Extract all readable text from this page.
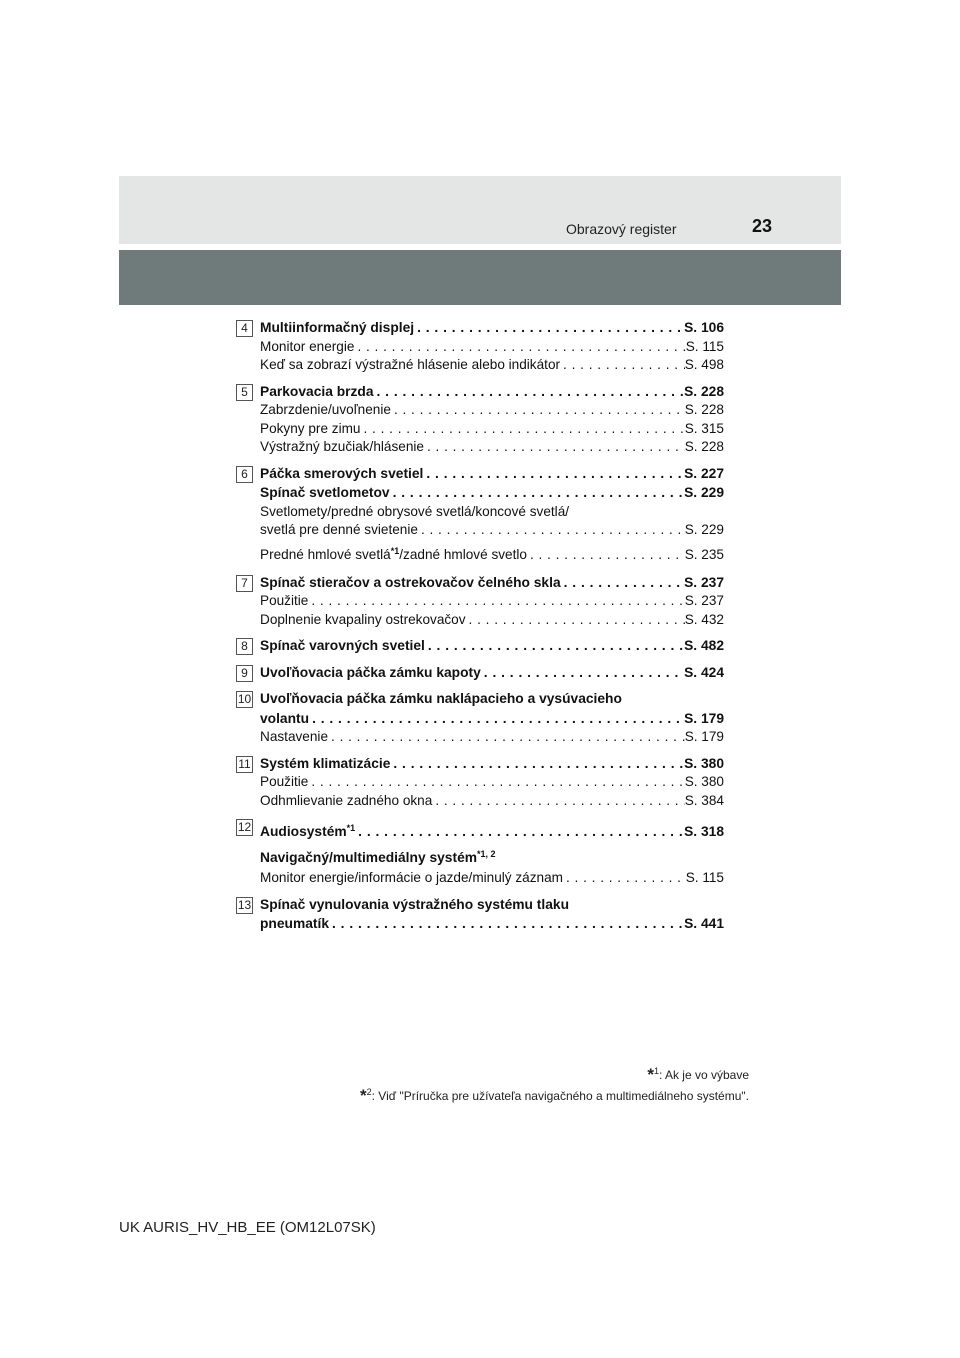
Obrazový register	23
4 Multiinformačný displej . . .	S. 106
Monitor energie . . .	S. 115
Keď sa zobrazí výstražné hlásenie alebo indikátor . . .	S. 498
5 Parkovacia brzda . . .	S. 228
Zabrzdenie/uvoľnenie . . .	S. 228
Pokyny pre zimu . . .	S. 315
Výstražný bzučiak/hlásenie . . .	S. 228
6 Páčka smerových svetiel . . .	S. 227
Spínač svetlometov . . .	S. 229
Svetlomety/predné obrysové svetlá/koncové svetlá/
svetlá pre denné svietenie . . .	S. 229
Predné hmlové svetlá$^{*1}$/zadné hmlové svetlo . . .	S. 235
7 Spínač stieračov a ostrekovačov čelného skla . . .	S. 237
Použitie . . .	S. 237
Doplnenie kvapaliny ostrekovačov . . .	S. 432
8 Spínač varovných svetiel . . .	S. 482
9 Uvoľňovacia páčka zámku kapoty . . .	S. 424
10 Uvoľňovacia páčka zámku naklápacieho a vysúvacieho
volantu . . .	S. 179
Nastavenie . . .	S. 179
11 Systém klimatizácie . . .	S. 380
Použitie . . .	S. 380
Odhmlievanie zadného okna . . .	S. 384
12 Audiosystém$^{*1}$ . . .	S. 318
Navigačný/multimediálny systém$^{*1, 2}$
Monitor energie/informácie o jazde/minulý záznam . . .	S. 115
13 Spínač vynulovania výstražného systému tlaku
pneumatík . . .	S. 441
*$^1$: Ak je vo výbave
*$^2$: Viď "Príručka pre užívateľa navigačného a multimediálneho systému".
UK AURIS_HV_HB_EE (OM12L07SK)
